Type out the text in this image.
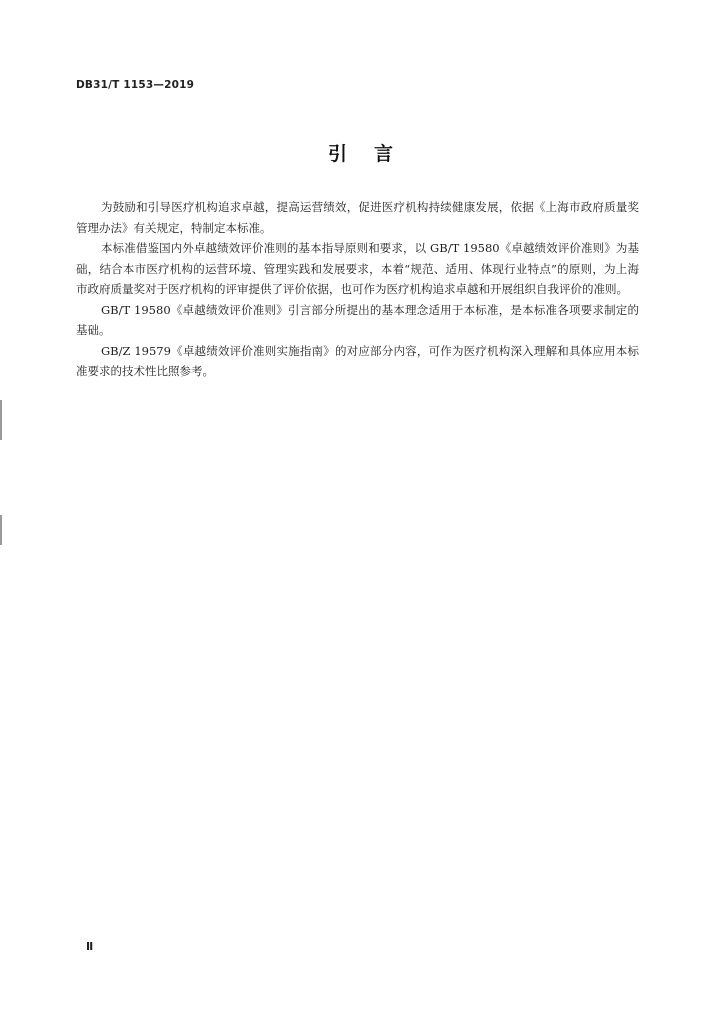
DB31/T 1153—2019
引言

为鼓励和引导医疗机构追求卓越，提高运营绩效，促进医疗机构持续健康发展，依据《上海市政府质量奖管理办法》有关规定，特制定本标准。

本标准借鉴国内外卓越绩效评价准则的基本指导原则和要求，以 GB/T 19580《卓越绩效评价准则》为基础，结合本市医疗机构的运营环境、管理实践和发展要求，本着“规范、适用、体现行业特点”的原则，为上海市政府质量奖对于医疗机构的评审提供了评价依据，也可作为医疗机构追求卓越和开展组织自我评价的准则。

GB/T 19580《卓越绩效评价准则》引言部分所提出的基本理念适用于本标准，是本标准各项要求制定的基础。

GB/Z 19579《卓越绩效评价准则实施指南》的对应部分内容，可作为医疗机构深入理解和具体应用本标准要求的技术性比照参考。

Ⅱ
